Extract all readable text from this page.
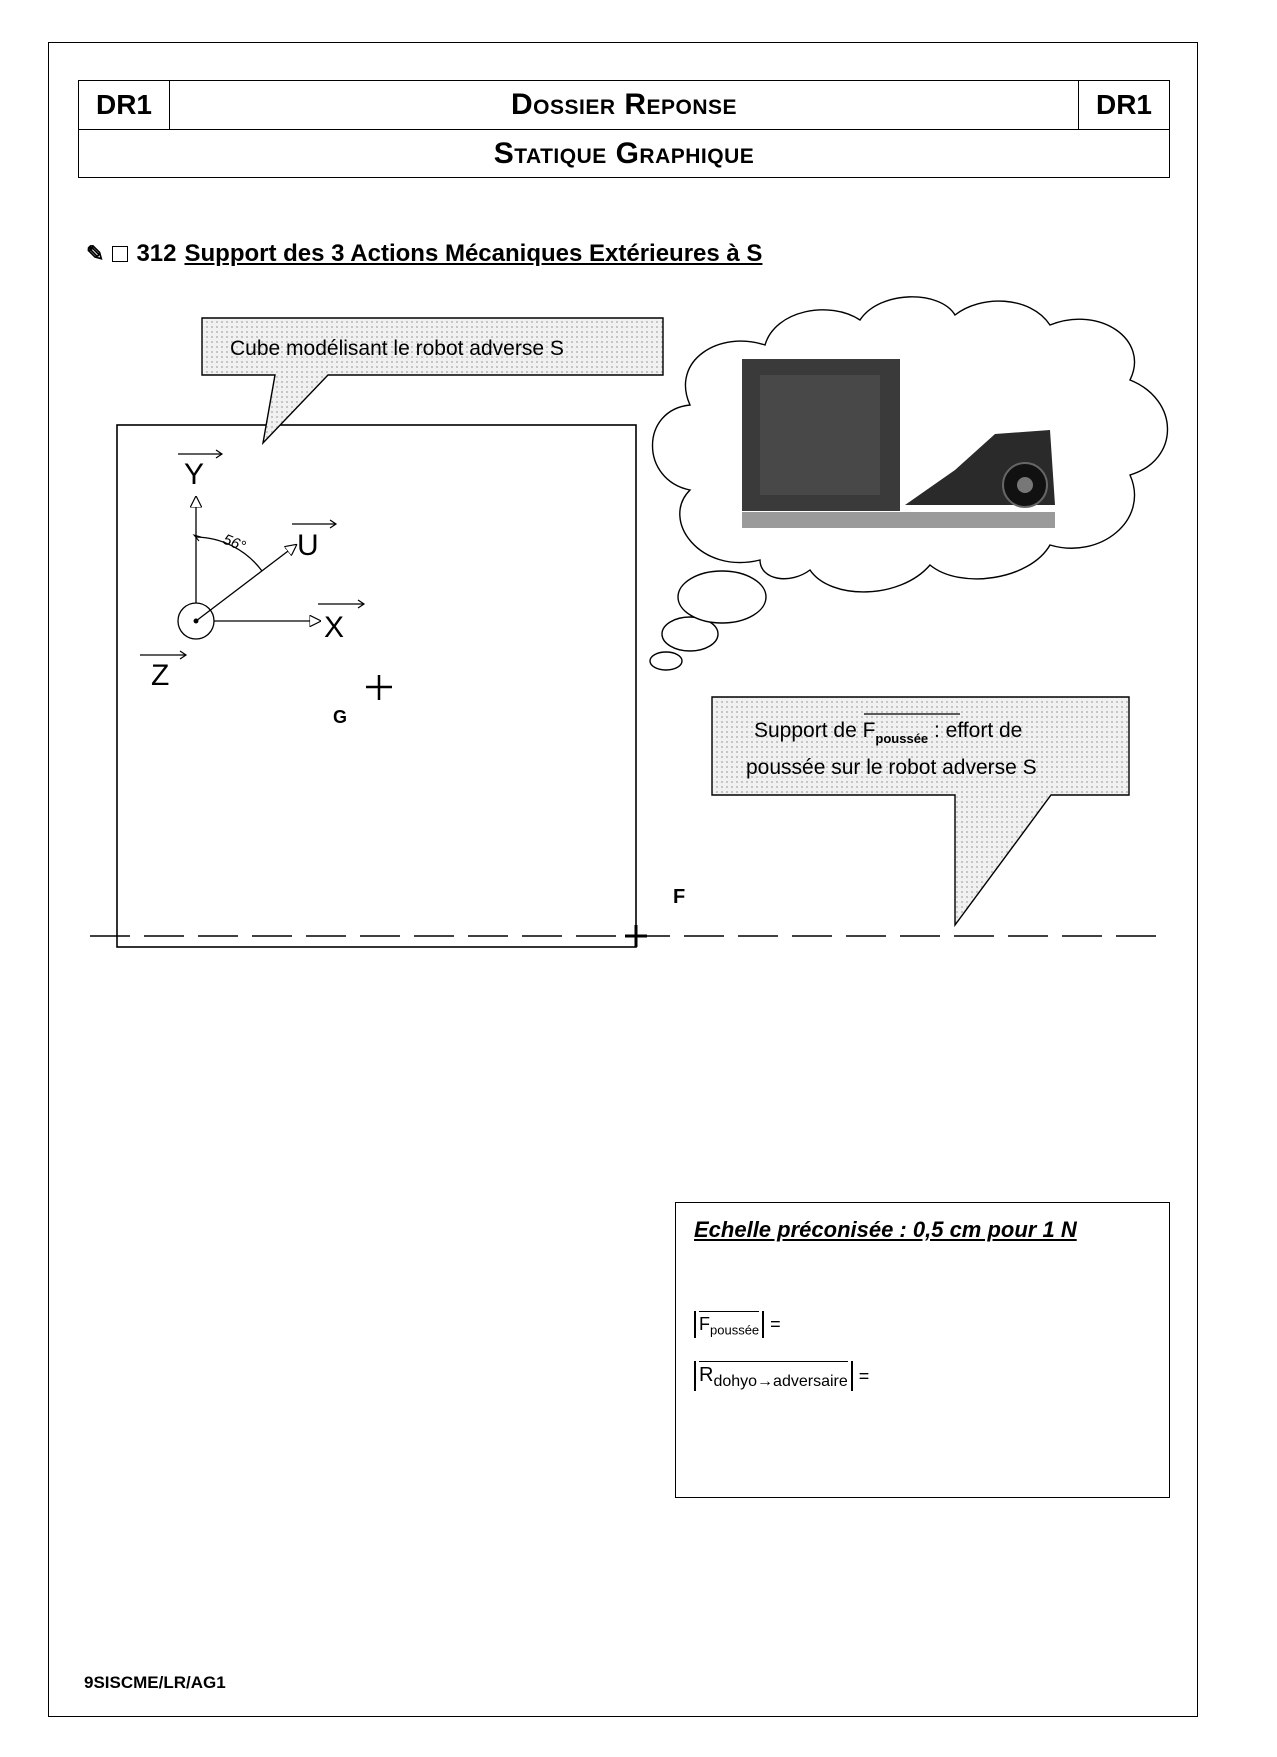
DR1	Dossier Reponse	DR1
Statique Graphique
✎ 312 Support des 3 Actions Mécaniques Extérieures à S
F
G
Y
X
U
Z
56°
Cube modélisant le robot adverse S
Support de $F_{poussée}$ : effort de
poussée sur le robot adverse S
Echelle préconisée : 0,5 cm pour 1 N
$F_{poussée}$ =
$R_{dohyo\to adversaire}$ =
9SISCME/LR/AG1
